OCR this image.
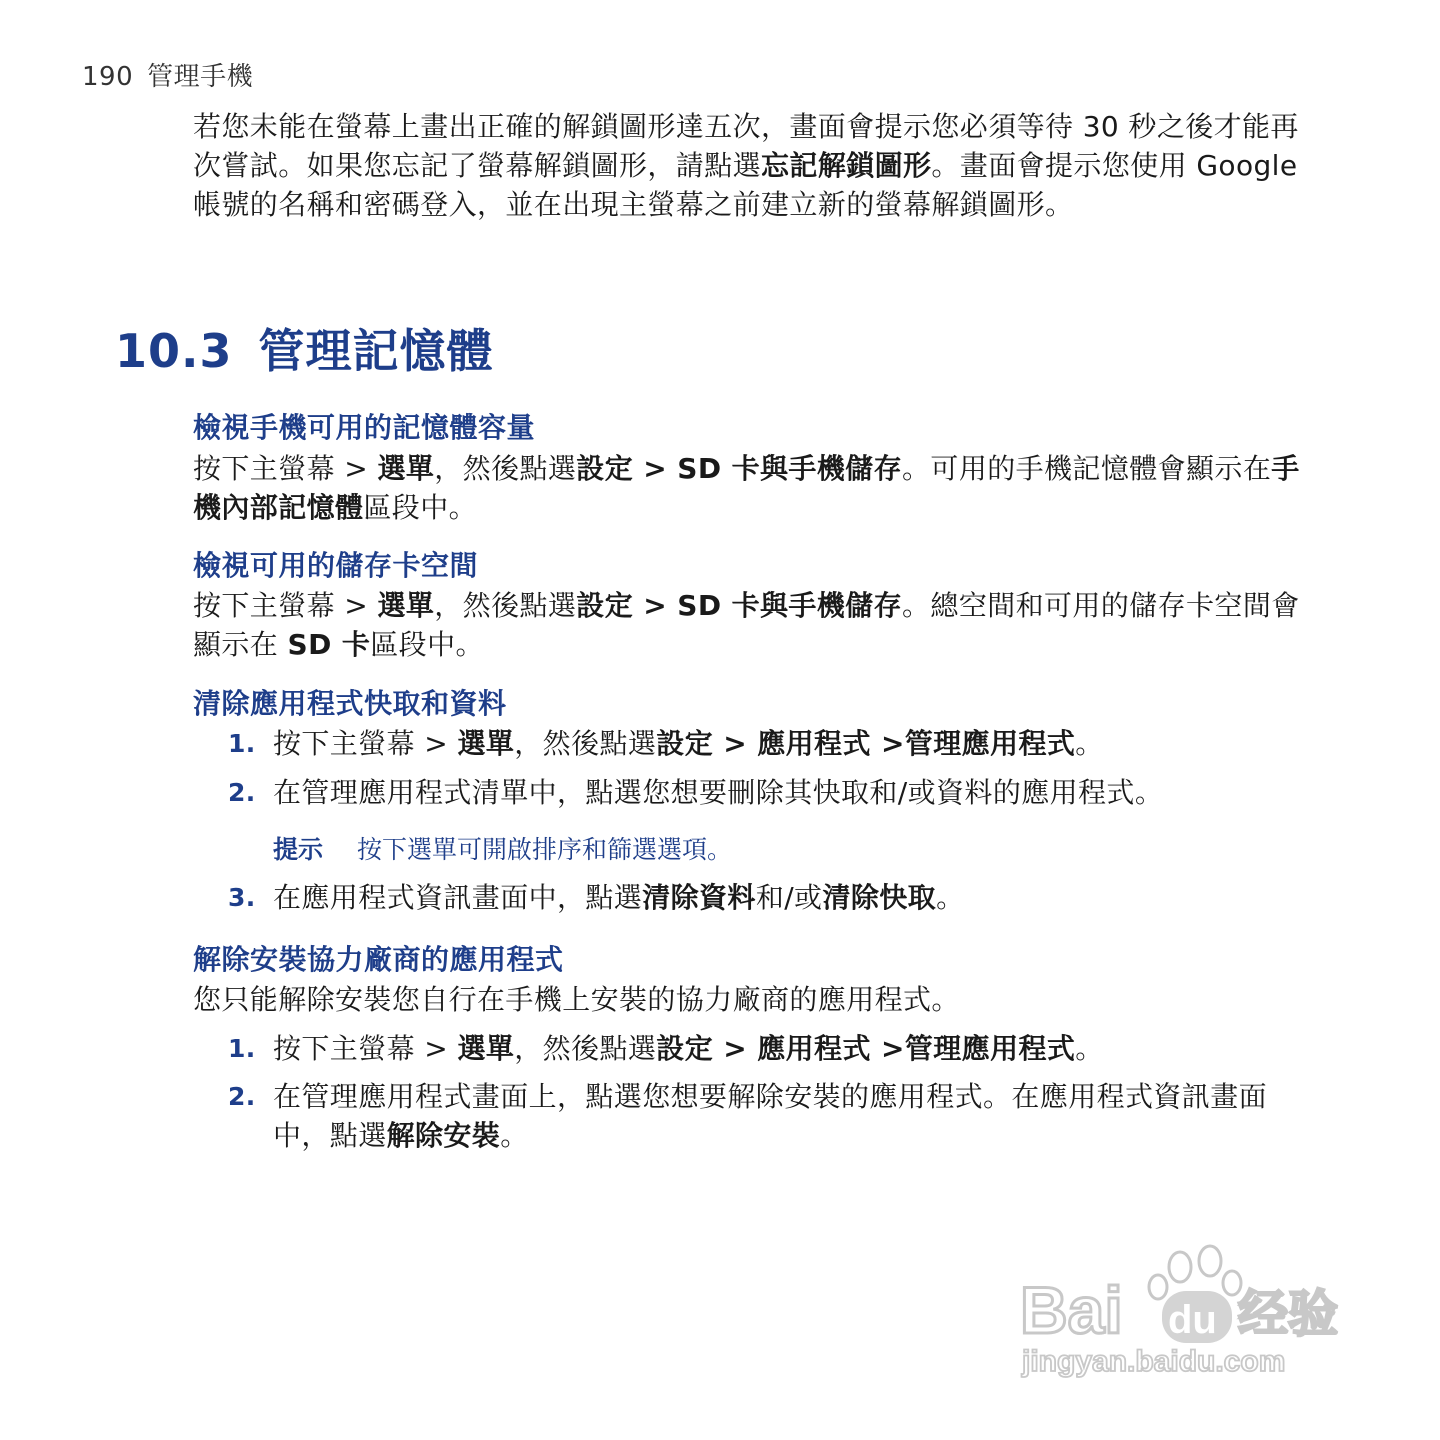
190 管理手機
若您未能在螢幕上畫出正確的解鎖圖形達五次，畫面會提示您必須等待 30 秒之後才能再次嘗試。如果您忘記了螢幕解鎖圖形，請點選忘記解鎖圖形。畫面會提示您使用 Google 帳號的名稱和密碼登入，並在出現主螢幕之前建立新的螢幕解鎖圖形。
10.3 管理記憶體
檢視手機可用的記憶體容量
按下主螢幕 > 選單，然後點選設定 > SD 卡與手機儲存。可用的手機記憶體會顯示在手機內部記憶體區段中。
檢視可用的儲存卡空間
按下主螢幕 > 選單，然後點選設定 > SD 卡與手機儲存。總空間和可用的儲存卡空間會顯示在 SD 卡區段中。
清除應用程式快取和資料
1. 按下主螢幕 > 選單，然後點選設定 > 應用程式 >管理應用程式。
2. 在管理應用程式清單中，點選您想要刪除其快取和/或資料的應用程式。
提示 按下選單可開啟排序和篩選選項。
3. 在應用程式資訊畫面中，點選清除資料和/或清除快取。
解除安裝協力廠商的應用程式
您只能解除安裝您自行在手機上安裝的協力廠商的應用程式。
1. 按下主螢幕 > 選單，然後點選設定 > 應用程式 >管理應用程式。
2. 在管理應用程式畫面上，點選您想要解除安裝的應用程式。在應用程式資訊畫面中，點選解除安裝。
Bai du 经验
jingyan.baidu.com
